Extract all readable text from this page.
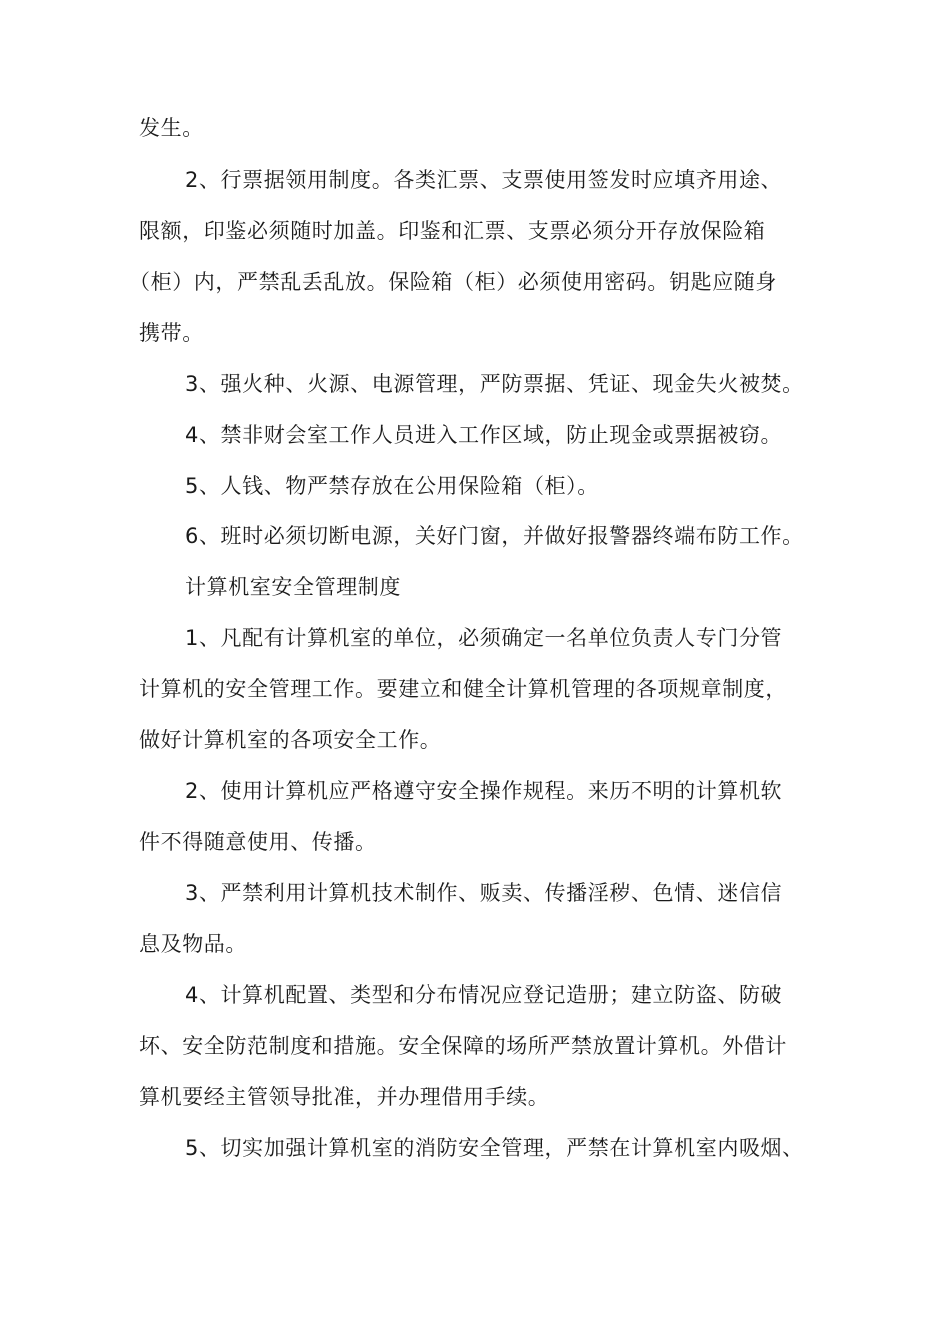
发生。
2、行票据领用制度。各类汇票、支票使用签发时应填齐用途、
限额，印鉴必须随时加盖。印鉴和汇票、支票必须分开存放保险箱
（柜）内，严禁乱丢乱放。保险箱（柜）必须使用密码。钥匙应随身
携带。
3、强火种、火源、电源管理，严防票据、凭证、现金失火被焚。
4、禁非财会室工作人员进入工作区域，防止现金或票据被窃。
5、人钱、物严禁存放在公用保险箱（柜）。
6、班时必须切断电源，关好门窗，并做好报警器终端布防工作。
计算机室安全管理制度
1、凡配有计算机室的单位，必须确定一名单位负责人专门分管
计算机的安全管理工作。要建立和健全计算机管理的各项规章制度，
做好计算机室的各项安全工作。
2、使用计算机应严格遵守安全操作规程。来历不明的计算机软
件不得随意使用、传播。
3、严禁利用计算机技术制作、贩卖、传播淫秽、色情、迷信信
息及物品。
4、计算机配置、类型和分布情况应登记造册；建立防盗、防破
坏、安全防范制度和措施。安全保障的场所严禁放置计算机。外借计
算机要经主管领导批准，并办理借用手续。
5、切实加强计算机室的消防安全管理，严禁在计算机室内吸烟、
